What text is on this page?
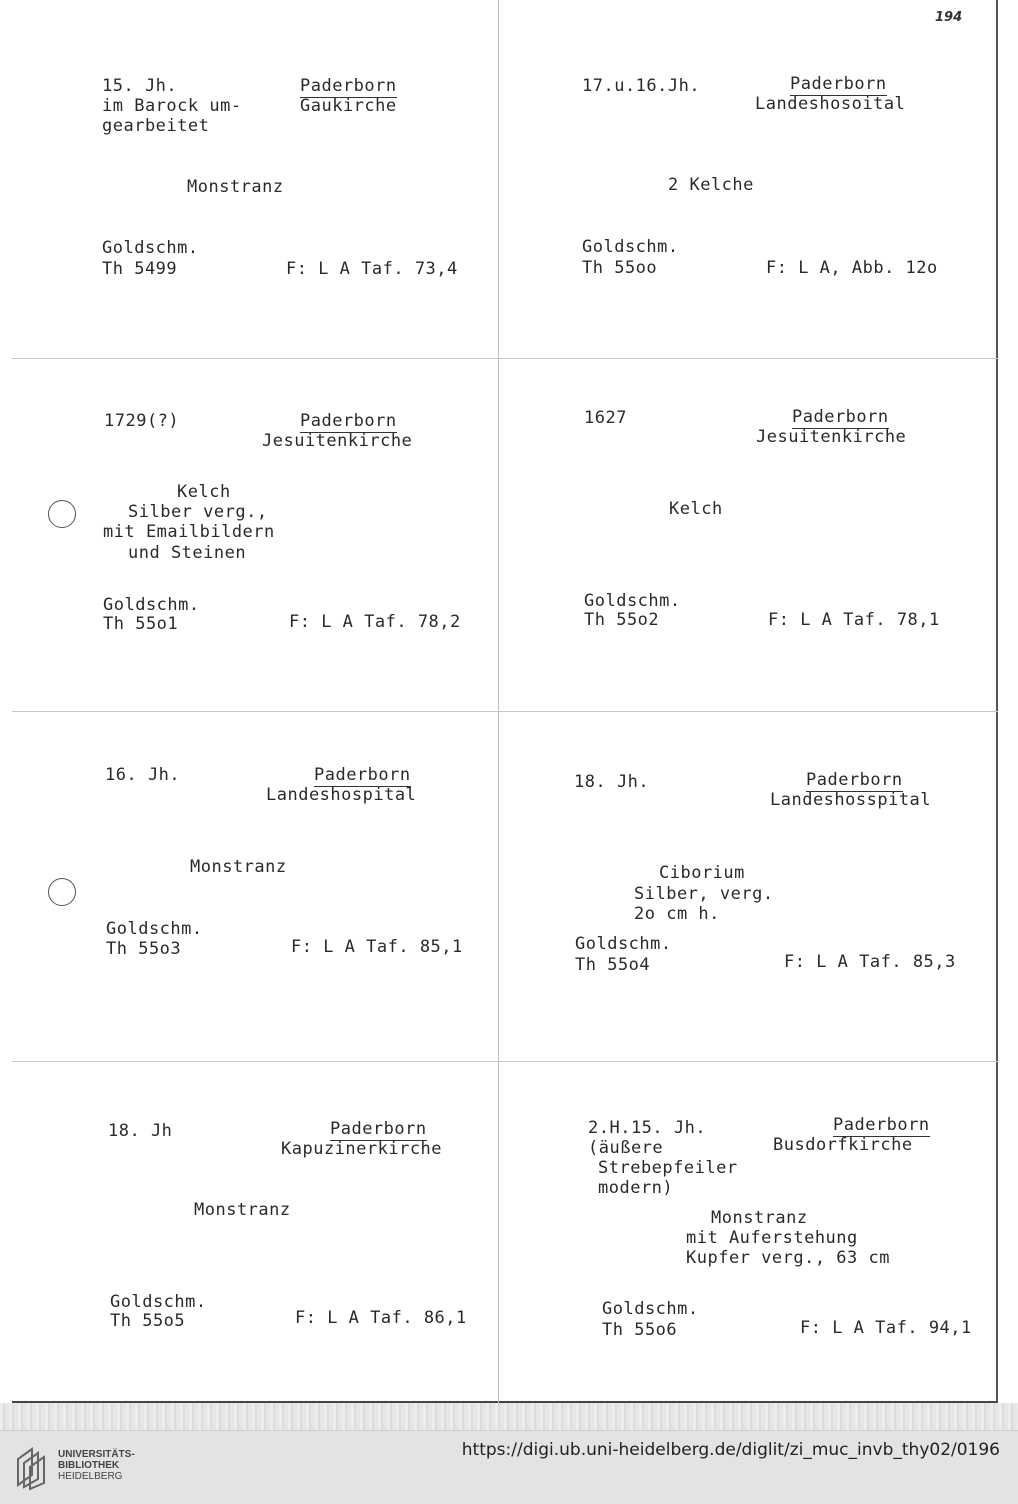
194
15. Jh.
im Barock um-
gearbeitet
Paderborn
Gaukirche
Monstranz
Goldschm.
Th 5499	F: L A Taf. 73,4
17.u.16.Jh.	Paderborn
Landeshosoital
2 Kelche
Goldschm.
Th 55oo	F: L A, Abb. 12o
1729(?)	Paderborn
Jesuitenkirche
Kelch
Silber verg.,
mit Emailbildern
und Steinen
Goldschm.
Th 55o1	F: L A Taf. 78,2
1627	Paderborn
Jesuitenkirche
Kelch
Goldschm.
Th 55o2	F: L A Taf. 78,1
16. Jh.	Paderborn
Landeshospital
Monstranz
Goldschm.
Th 55o3	F: L A Taf. 85,1
18. Jh.	Paderborn
Landeshosspital
Ciborium
Silber, verg.
2o cm h.
Goldschm.
Th 55o4	F: L A Taf. 85,3
18. Jh	Paderborn
Kapuzinerkirche
Monstranz
Goldschm.
Th 55o5	F: L A Taf. 86,1
2.H.15. Jh.
(äußere
Strebepfeiler
modern)
Paderborn
Busdorfkirche
Monstranz
mit Auferstehung
Kupfer verg., 63 cm
Goldschm.
Th 55o6	F: L A Taf. 94,1
UNIVERSITÄTS-
BIBLIOTHEK
HEIDELBERG
https://digi.ub.uni-heidelberg.de/diglit/zi_muc_invb_thy02/0196
